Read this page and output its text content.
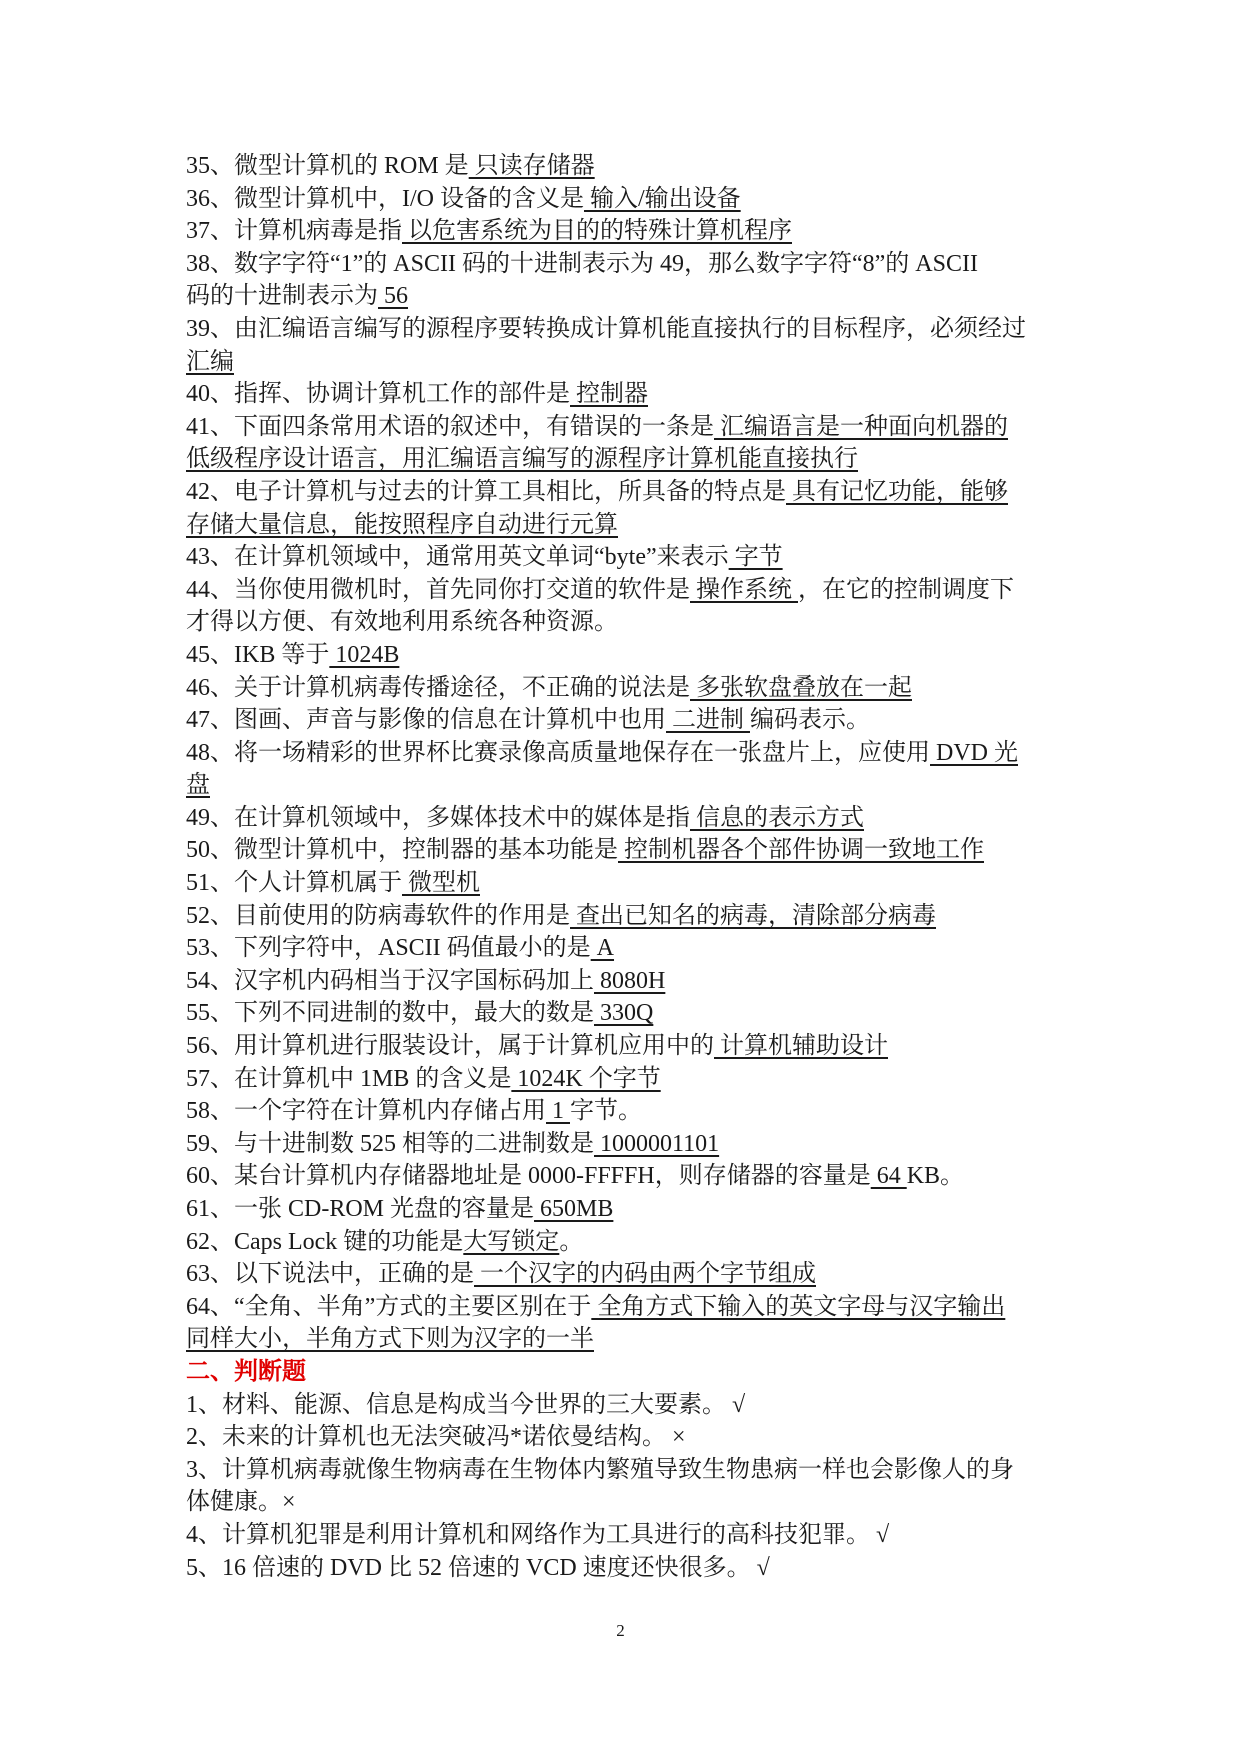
35、微型计算机的 ROM 是 只读存储器
36、微型计算机中，I/O 设备的含义是 输入/输出设备
37、计算机病毒是指 以危害系统为目的的特殊计算机程序
38、数字字符“1”的 ASCII 码的十进制表示为 49，那么数字字符“8”的 ASCII
码的十进制表示为 56
39、由汇编语言编写的源程序要转换成计算机能直接执行的目标程序，必须经过
汇编
40、指挥、协调计算机工作的部件是 控制器
41、下面四条常用术语的叙述中，有错误的一条是 汇编语言是一种面向机器的
低级程序设计语言，用汇编语言编写的源程序计算机能直接执行
42、电子计算机与过去的计算工具相比，所具备的特点是 具有记忆功能，能够
存储大量信息，能按照程序自动进行元算
43、在计算机领域中，通常用英文单词“byte”来表示 字节
44、当你使用微机时，首先同你打交道的软件是 操作系统 ，在它的控制调度下
才得以方便、有效地利用系统各种资源。
45、IKB 等于 1024B
46、关于计算机病毒传播途径，不正确的说法是 多张软盘叠放在一起
47、图画、声音与影像的信息在计算机中也用 二进制 编码表示。
48、将一场精彩的世界杯比赛录像高质量地保存在一张盘片上，应使用 DVD 光
盘
49、在计算机领域中，多媒体技术中的媒体是指 信息的表示方式
50、微型计算机中，控制器的基本功能是 控制机器各个部件协调一致地工作
51、个人计算机属于 微型机
52、目前使用的防病毒软件的作用是 查出已知名的病毒，清除部分病毒
53、下列字符中，ASCII 码值最小的是 A
54、汉字机内码相当于汉字国标码加上 8080H
55、下列不同进制的数中，最大的数是 330Q
56、用计算机进行服装设计，属于计算机应用中的 计算机辅助设计
57、在计算机中 1MB 的含义是 1024K 个字节
58、一个字符在计算机内存储占用 1 字节。
59、与十进制数 525 相等的二进制数是 1000001101
60、某台计算机内存储器地址是 0000-FFFFH，则存储器的容量是 64 KB。
61、一张 CD-ROM 光盘的容量是 650MB
62、Caps Lock 键的功能是大写锁定。
63、以下说法中，正确的是 一个汉字的内码由两个字节组成
64、“全角、半角”方式的主要区别在于 全角方式下输入的英文字母与汉字输出
同样大小，半角方式下则为汉字的一半
二、判断题
1、材料、能源、信息是构成当今世界的三大要素。 √
2、未来的计算机也无法突破冯*诺依曼结构。 ×
3、计算机病毒就像生物病毒在生物体内繁殖导致生物患病一样也会影像人的身
体健康。×
4、计算机犯罪是利用计算机和网络作为工具进行的高科技犯罪。 √
5、16 倍速的 DVD 比 52 倍速的 VCD 速度还快很多。 √
2
